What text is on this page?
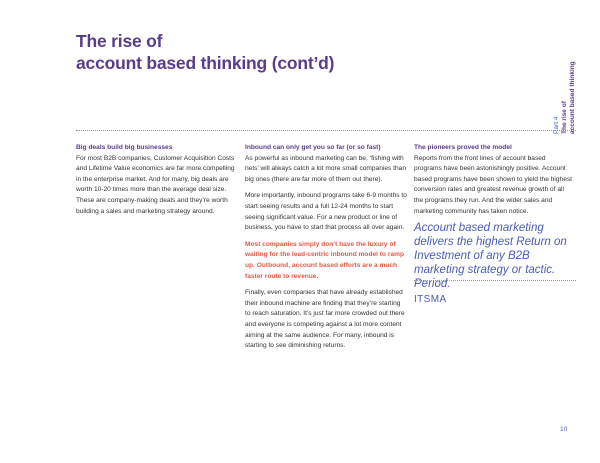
The rise of
account based thinking (cont’d)
Part 4 The rise of account based thinking
Big deals build big businesses

For most B2B companies, Customer Acquisition Costs and Lifetime Value economics are far more compelling in the enterprise market. And for many, big deals are worth 10-20 times more than the average deal size. These are company-making deals and they’re worth building a sales and marketing strategy around.

Inbound can only get you so far (or so fast)

As powerful as inbound marketing can be, ‘fishing with nets’ will always catch a lot more small companies than big ones (there are far more of them out there).

More importantly, inbound programs take 6-9 months to start seeing results and a full 12-24 months to start seeing significant value. For a new product or line of business, you have to start that process all over again.

Most companies simply don’t have the luxury of waiting for the lead-centric inbound model to ramp up. Outbound, account based efforts are a much faster route to revenue.

Finally, even companies that have already established their inbound machine are finding that they’re starting to reach saturation. It’s just far more crowded out there and everyone is competing against a lot more content aiming at the same audience. For many, inbound is starting to see diminishing returns.

The pioneers proved the model

Reports from the front lines of account based programs have been astonishingly positive. Account based programs have been shown to yield the highest conversion rates and greatest revenue growth of all the programs they run. And the wider sales and marketing community has taken notice.

Account based marketing delivers the highest Return on Investment of any B2B marketing strategy or tactic. Period.

ITSMA

10
